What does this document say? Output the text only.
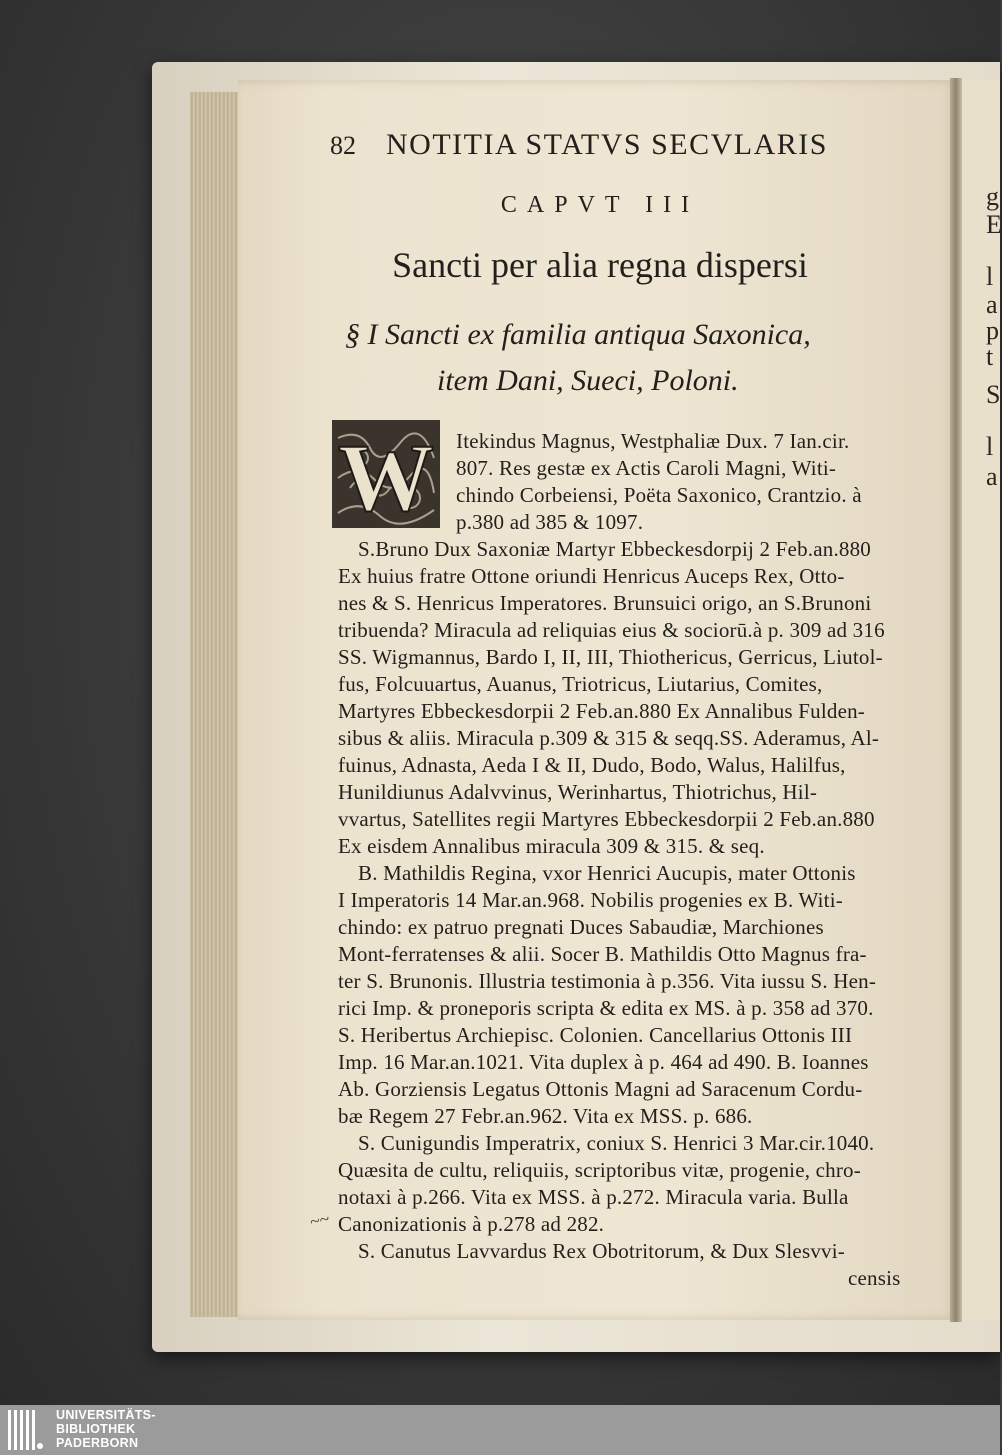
g
E
l
a
p
t
S
l
a
82	NOTITIA STATVS SECVLARIS
CAPVT III
Sancti per alia regna dispersi
§ I Sancti ex familia antiqua Saxonica,
item Dani, Sueci, Poloni.
W Itekindus Magnus, Westphaliæ Dux. 7 Ian.cir.
807. Res gestæ ex Actis Caroli Magni, Witi-
chindo Corbeiensi, Poëta Saxonico, Crantzio. à
p.380 ad 385 & 1097.
S.Bruno Dux Saxoniæ Martyr Ebbeckesdorpij 2 Feb.an.880
Ex huius fratre Ottone oriundi Henricus Auceps Rex, Otto-
nes & S. Henricus Imperatores. Brunsuici origo, an S.Brunoni
tribuenda? Miracula ad reliquias eius & sociorū.à p. 309 ad 316
SS. Wigmannus, Bardo I, II, III, Thiothericus, Gerricus, Liutol-
fus, Folcuuartus, Auanus, Triotricus, Liutarius, Comites,
Martyres Ebbeckesdorpii 2 Feb.an.880 Ex Annalibus Fulden-
sibus & aliis. Miracula p.309 & 315 & seqq.SS. Aderamus, Al-
fuinus, Adnasta, Aeda I & II, Dudo, Bodo, Walus, Halilfus,
Hunildiunus Adalvvinus, Werinhartus, Thiotrichus, Hil-
vvartus, Satellites regii Martyres Ebbeckesdorpii 2 Feb.an.880
Ex eisdem Annalibus miracula 309 & 315. & seq.
B. Mathildis Regina, vxor Henrici Aucupis, mater Ottonis
I Imperatoris 14 Mar.an.968. Nobilis progenies ex B. Witi-
chindo: ex patruo pregnati Duces Sabaudiæ, Marchiones
Mont-ferratenses & alii. Socer B. Mathildis Otto Magnus fra-
ter S. Brunonis. Illustria testimonia à p.356. Vita iussu S. Hen-
rici Imp. & proneporis scripta & edita ex MS. à p. 358 ad 370.
S. Heribertus Archiepisc. Colonien. Cancellarius Ottonis III
Imp. 16 Mar.an.1021. Vita duplex à p. 464 ad 490. B. Ioannes
Ab. Gorziensis Legatus Ottonis Magni ad Saracenum Cordu-
bæ Regem 27 Febr.an.962. Vita ex MSS. p. 686.
S. Cunigundis Imperatrix, coniux S. Henrici 3 Mar.cir.1040.
Quæsita de cultu, reliquiis, scriptoribus vitæ, progenie, chro-
notaxi à p.266. Vita ex MSS. à p.272. Miracula varia. Bulla
Canonizationis à p.278 ad 282.
S. Canutus Lavvardus Rex Obotritorum, & Dux Slesvvi-
censis
~~
UNIVERSITÄTS-
BIBLIOTHEK
PADERBORN
